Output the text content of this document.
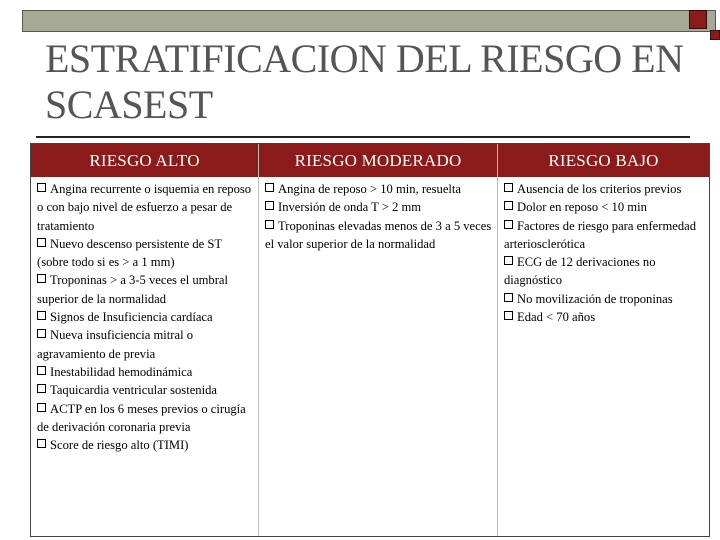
ESTRATIFICACION DEL RIESGO EN SCASEST
RIESGO ALTO

Angina recurrente o isquemia en reposo o con bajo nivel de esfuerzo a pesar de tratamiento

Nuevo descenso persistente de ST (sobre todo si es > a 1 mm)

Troponinas > a 3-5 veces el umbral superior de la normalidad

Signos de Insuficiencia cardíaca

Nueva insuficiencia mitral o agravamiento de previa

Inestabilidad hemodinámica

Taquicardia ventricular sostenida

ACTP en los 6 meses previos o cirugía de derivación coronaria previa

Score de riesgo alto (TIMI)

RIESGO MODERADO

Angina de reposo > 10 min, resuelta

Inversión de onda T > 2 mm

Troponinas elevadas menos de 3 a 5 veces el valor superior de la normalidad

RIESGO BAJO

Ausencia de los criterios previos

Dolor en reposo < 10 min

Factores de riesgo para enfermedad arteriosclerótica

ECG de 12 derivaciones no diagnóstico

No movilización de troponinas

Edad < 70 años
